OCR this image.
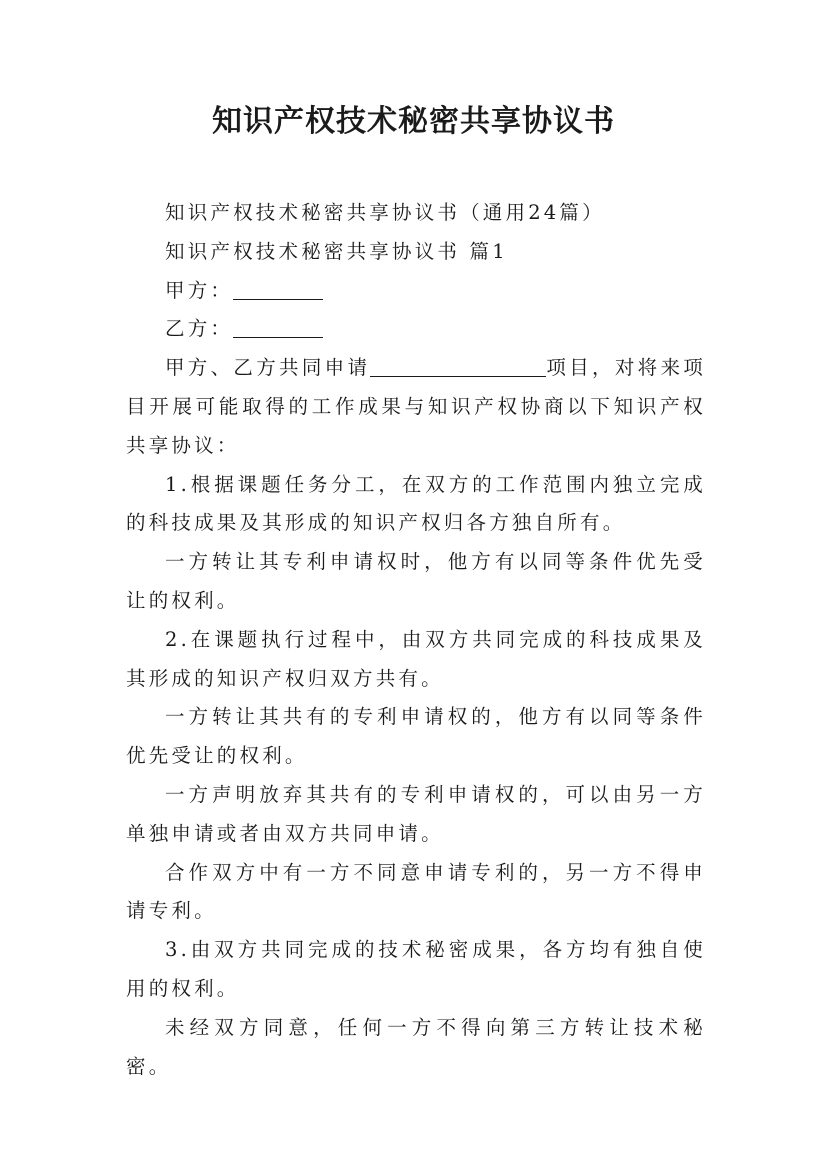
知识产权技术秘密共享协议书

知识产权技术秘密共享协议书（通用24篇）

知识产权技术秘密共享协议书 篇1

甲方：

乙方：

甲方、乙方共同申请	项目，对将来项目开展可能取得的工作成果与知识产权协商以下知识产权共享协议：

1.根据课题任务分工，在双方的工作范围内独立完成的科技成果及其形成的知识产权归各方独自所有。

一方转让其专利申请权时，他方有以同等条件优先受让的权利。

2.在课题执行过程中，由双方共同完成的科技成果及其形成的知识产权归双方共有。

一方转让其共有的专利申请权的，他方有以同等条件优先受让的权利。

一方声明放弃其共有的专利申请权的，可以由另一方单独申请或者由双方共同申请。

合作双方中有一方不同意申请专利的，另一方不得申请专利。

3.由双方共同完成的技术秘密成果，各方均有独自使用的权利。

未经双方同意，任何一方不得向第三方转让技术秘密。
